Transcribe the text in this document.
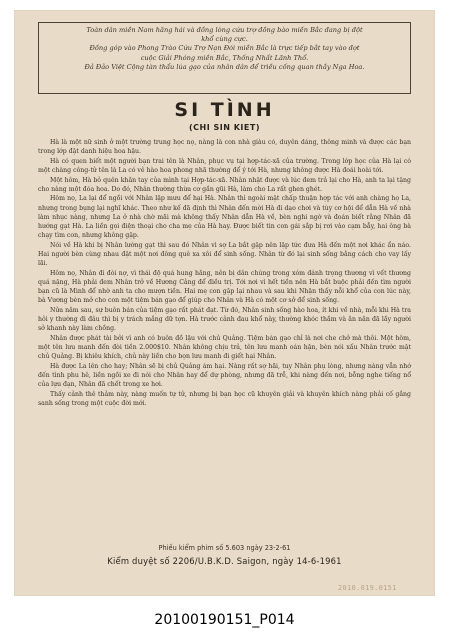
Toàn dân miền Nam hăng hái và đồng lòng cứu trợ đồng bào miền Bắc đang bị đột
khổ cùng cực.
Đồng góp vào Phong Trào Cứu Trợ Nạn Đói miền Bắc là trực tiếp bắt tay vào đợt
cuộc Giải Phóng miền Bắc, Thống Nhất Lãnh Thổ.
Đả Đảo Việt Cộng tàn thẩu lúa gạo của nhân dân để triều cống quan thầy Nga Hoa.
SI TÌNH
(CHI SIN KIET)

Hà là một nữ sinh ở một trường trung học nọ, nàng là con nhà giàu có, duyên dáng, thông minh và được các bạn trong lớp đặt danh hiệu hoa hậu.

Hà có quen biết một người bạn trai tên là Nhân, phục vụ tại hợp-tác-xã của trường. Trong lớp học của Hà lại có một chàng công-tử tên là La có vẻ hào hoa phong nhã thường để ý tới Hà, nhưng không được Hà đoái hoài tới.

Một hôm, Hà bỏ quên khăn tay của mình tại Hợp-tác-xã. Nhân nhặt được và lúc đem trả lại cho Hà, anh ta lại tặng cho nàng một đóa hoa. Do đó, Nhân thường thừa cơ gần gũi Hà, làm cho La rất ghen ghét.

Hôm nọ, La lại để ngồi với Nhân lập mưu để hại Hà. Nhân thì ngoài mặt chấp thuận hợp tác với anh chàng họ La, nhưng trong bụng lại nghĩ khác. Theo như kế đã định thì Nhân đến mời Hà đi dạo chơi và tùy cơ hội để dẫn Hà về nhà làm nhục nàng, nhưng La ở nhà chờ mãi mà không thấy Nhân dẫn Hà về, bèn nghi ngờ và đoán biết rằng Nhân đã hướng gạt Hà. La liền gọi điện thoại cho cha mẹ của Hà hay. Được biết tin con gái sắp bị rơi vào cạm bẫy, hai ông bà chạy tìm con, nhưng không gặp.

Nói về Hà khi bị Nhân lường gạt thì sau đó Nhân vì sợ La bắt gặp nên lập tức đưa Hà đến một nơi khác ẩn náo. Hai người bèn cùng nhau đặt một nơi đông quê xa xôi để sinh sống. Nhân từ đó lại sinh sống bằng cách cho vay lấy lãi.

Hôm nọ, Nhân đi đòi nợ, vì thái độ quá hung hăng, nên bị dân chúng trong xóm đánh trọng thương vì vết thương quá nặng, Hà phải đem Nhân trở về Hương Cảng để điều trị. Tới nơi vì hết tiền nên Hà bắt buộc phải đến tìm người bạn cũ là Minh để nhờ anh ta cho mượn tiền. Hai mẹ con gặp lại nhau và sau khi Nhận thấy nỗi khổ của con lúc này, bà Vương bèn mở cho con một tiệm bán gạo để giúp cho Nhân và Hà có một cơ sở để sinh sống.

Nửa năm sau, sự buôn bán của tiệm gạo rất phát đạt. Từ đó, Nhân sinh sống hào hoa, ít khi về nhà, mỗi khi Hà tra hỏi y thường đi đâu thì bị y trách mắng dữ tợn. Hà trước cảnh đau khổ này, thường khóc thầm và ăn năn đã lầy người sở khanh này làm chồng.

Nhân được phát tài bởi vì anh có buôn đồ lậu với chủ Quảng. Tiệm bán gạo chỉ là nơi che chở mà thôi. Một hôm, một tên lưu manh đến đòi tiền 2.000$10. Nhân không chịu trả, tên lưu manh oán hận, bèn nói xấu Nhân trước mặt chủ Quảng. Bị khiêu khích, chủ này liền cho bọn lưu manh đi giết hại Nhân.

Hà được La lên cho hay; Nhân sẽ bị chủ Quảng ám hại. Nàng rất sợ hãi, tuy Nhân phụ lòng, nhưng nàng vẫn nhớ đến tình phu hê, liền ngồi xe đi nói cho Nhân hay để dự phòng, nhưng đã trễ, khi nàng đến nơi, bỗng nghe tiếng nổ của lựu đạn, Nhân đã chết trong xe hơi.

Thấy cảnh thê thảm này, nàng muốn tự tử, nhưng bị bạn học cũ khuyên giải và khuyên khích nàng phải cố gắng sanh sống trong một cuộc đời mới.

Phiếu kiểm phim số 5.603 ngày 23-2-61
Kiểm duyệt số 2206/U.B.K.D. Saigon, ngày 14-6-1961
2010.019.0151
20100190151_P014
